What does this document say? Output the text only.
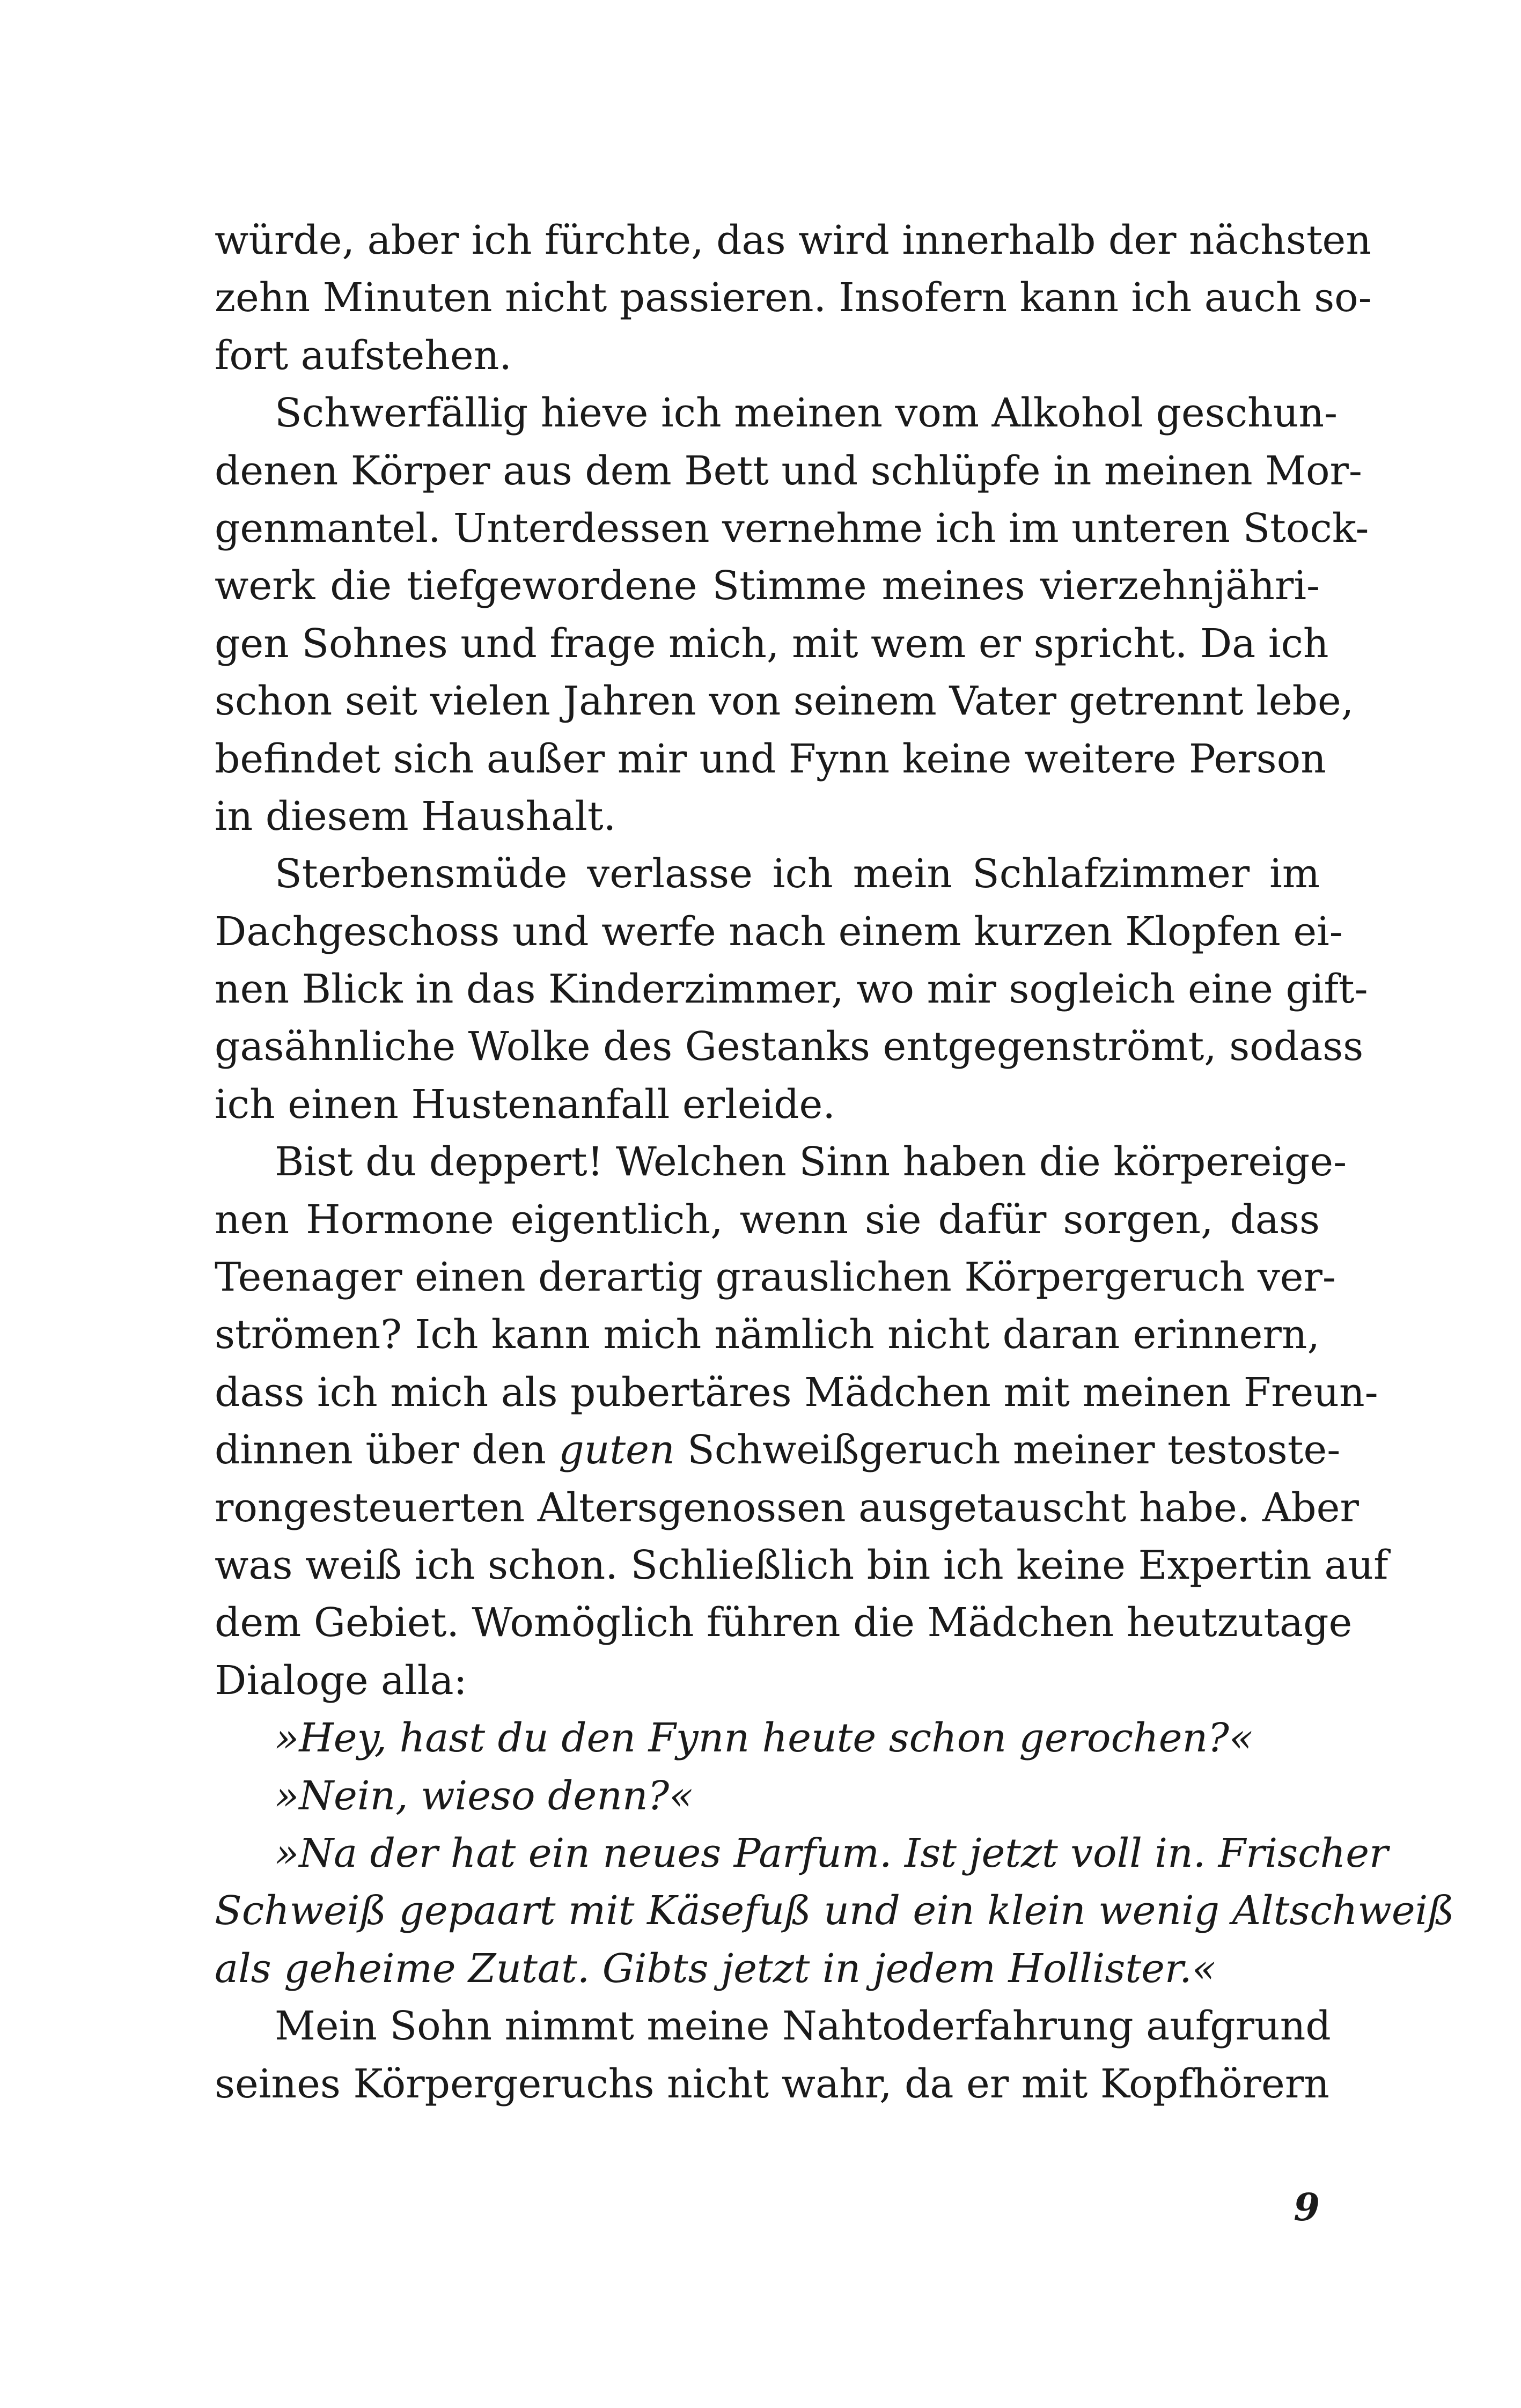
würde, aber ich fürchte, das wird innerhalb der nächsten
zehn Minuten nicht passieren. Insofern kann ich auch so-
fort aufstehen.
Schwerfällig hieve ich meinen vom Alkohol geschun-
denen Körper aus dem Bett und schlüpfe in meinen Mor-
genmantel. Unterdessen vernehme ich im unteren Stock-
werk die tiefgewordene Stimme meines vierzehnjähri-
gen Sohnes und frage mich, mit wem er spricht. Da ich
schon seit vielen Jahren von seinem Vater getrennt lebe,
befindet sich außer mir und Fynn keine weitere Person
in diesem Haushalt.
Sterbensmüde verlasse ich mein Schlafzimmer im
Dachgeschoss und werfe nach einem kurzen Klopfen ei-
nen Blick in das Kinderzimmer, wo mir sogleich eine gift-
gasähnliche Wolke des Gestanks entgegenströmt, sodass
ich einen Hustenanfall erleide.
Bist du deppert! Welchen Sinn haben die körpereige-
nen Hormone eigentlich, wenn sie dafür sorgen, dass
Teenager einen derartig grauslichen Körpergeruch ver-
strömen? Ich kann mich nämlich nicht daran erinnern,
dass ich mich als pubertäres Mädchen mit meinen Freun-
dinnen über den guten Schweißgeruch meiner testoste-
rongesteuerten Altersgenossen ausgetauscht habe. Aber
was weiß ich schon. Schließlich bin ich keine Expertin auf
dem Gebiet. Womöglich führen die Mädchen heutzutage
Dialoge alla:
»Hey, hast du den Fynn heute schon gerochen?«
»Nein, wieso denn?«
»Na der hat ein neues Parfum. Ist jetzt voll in. Frischer
Schweiß gepaart mit Käsefuß und ein klein wenig Altschweiß
als geheime Zutat. Gibts jetzt in jedem Hollister.«
Mein Sohn nimmt meine Nahtoderfahrung aufgrund
seines Körpergeruchs nicht wahr, da er mit Kopfhörern
9
